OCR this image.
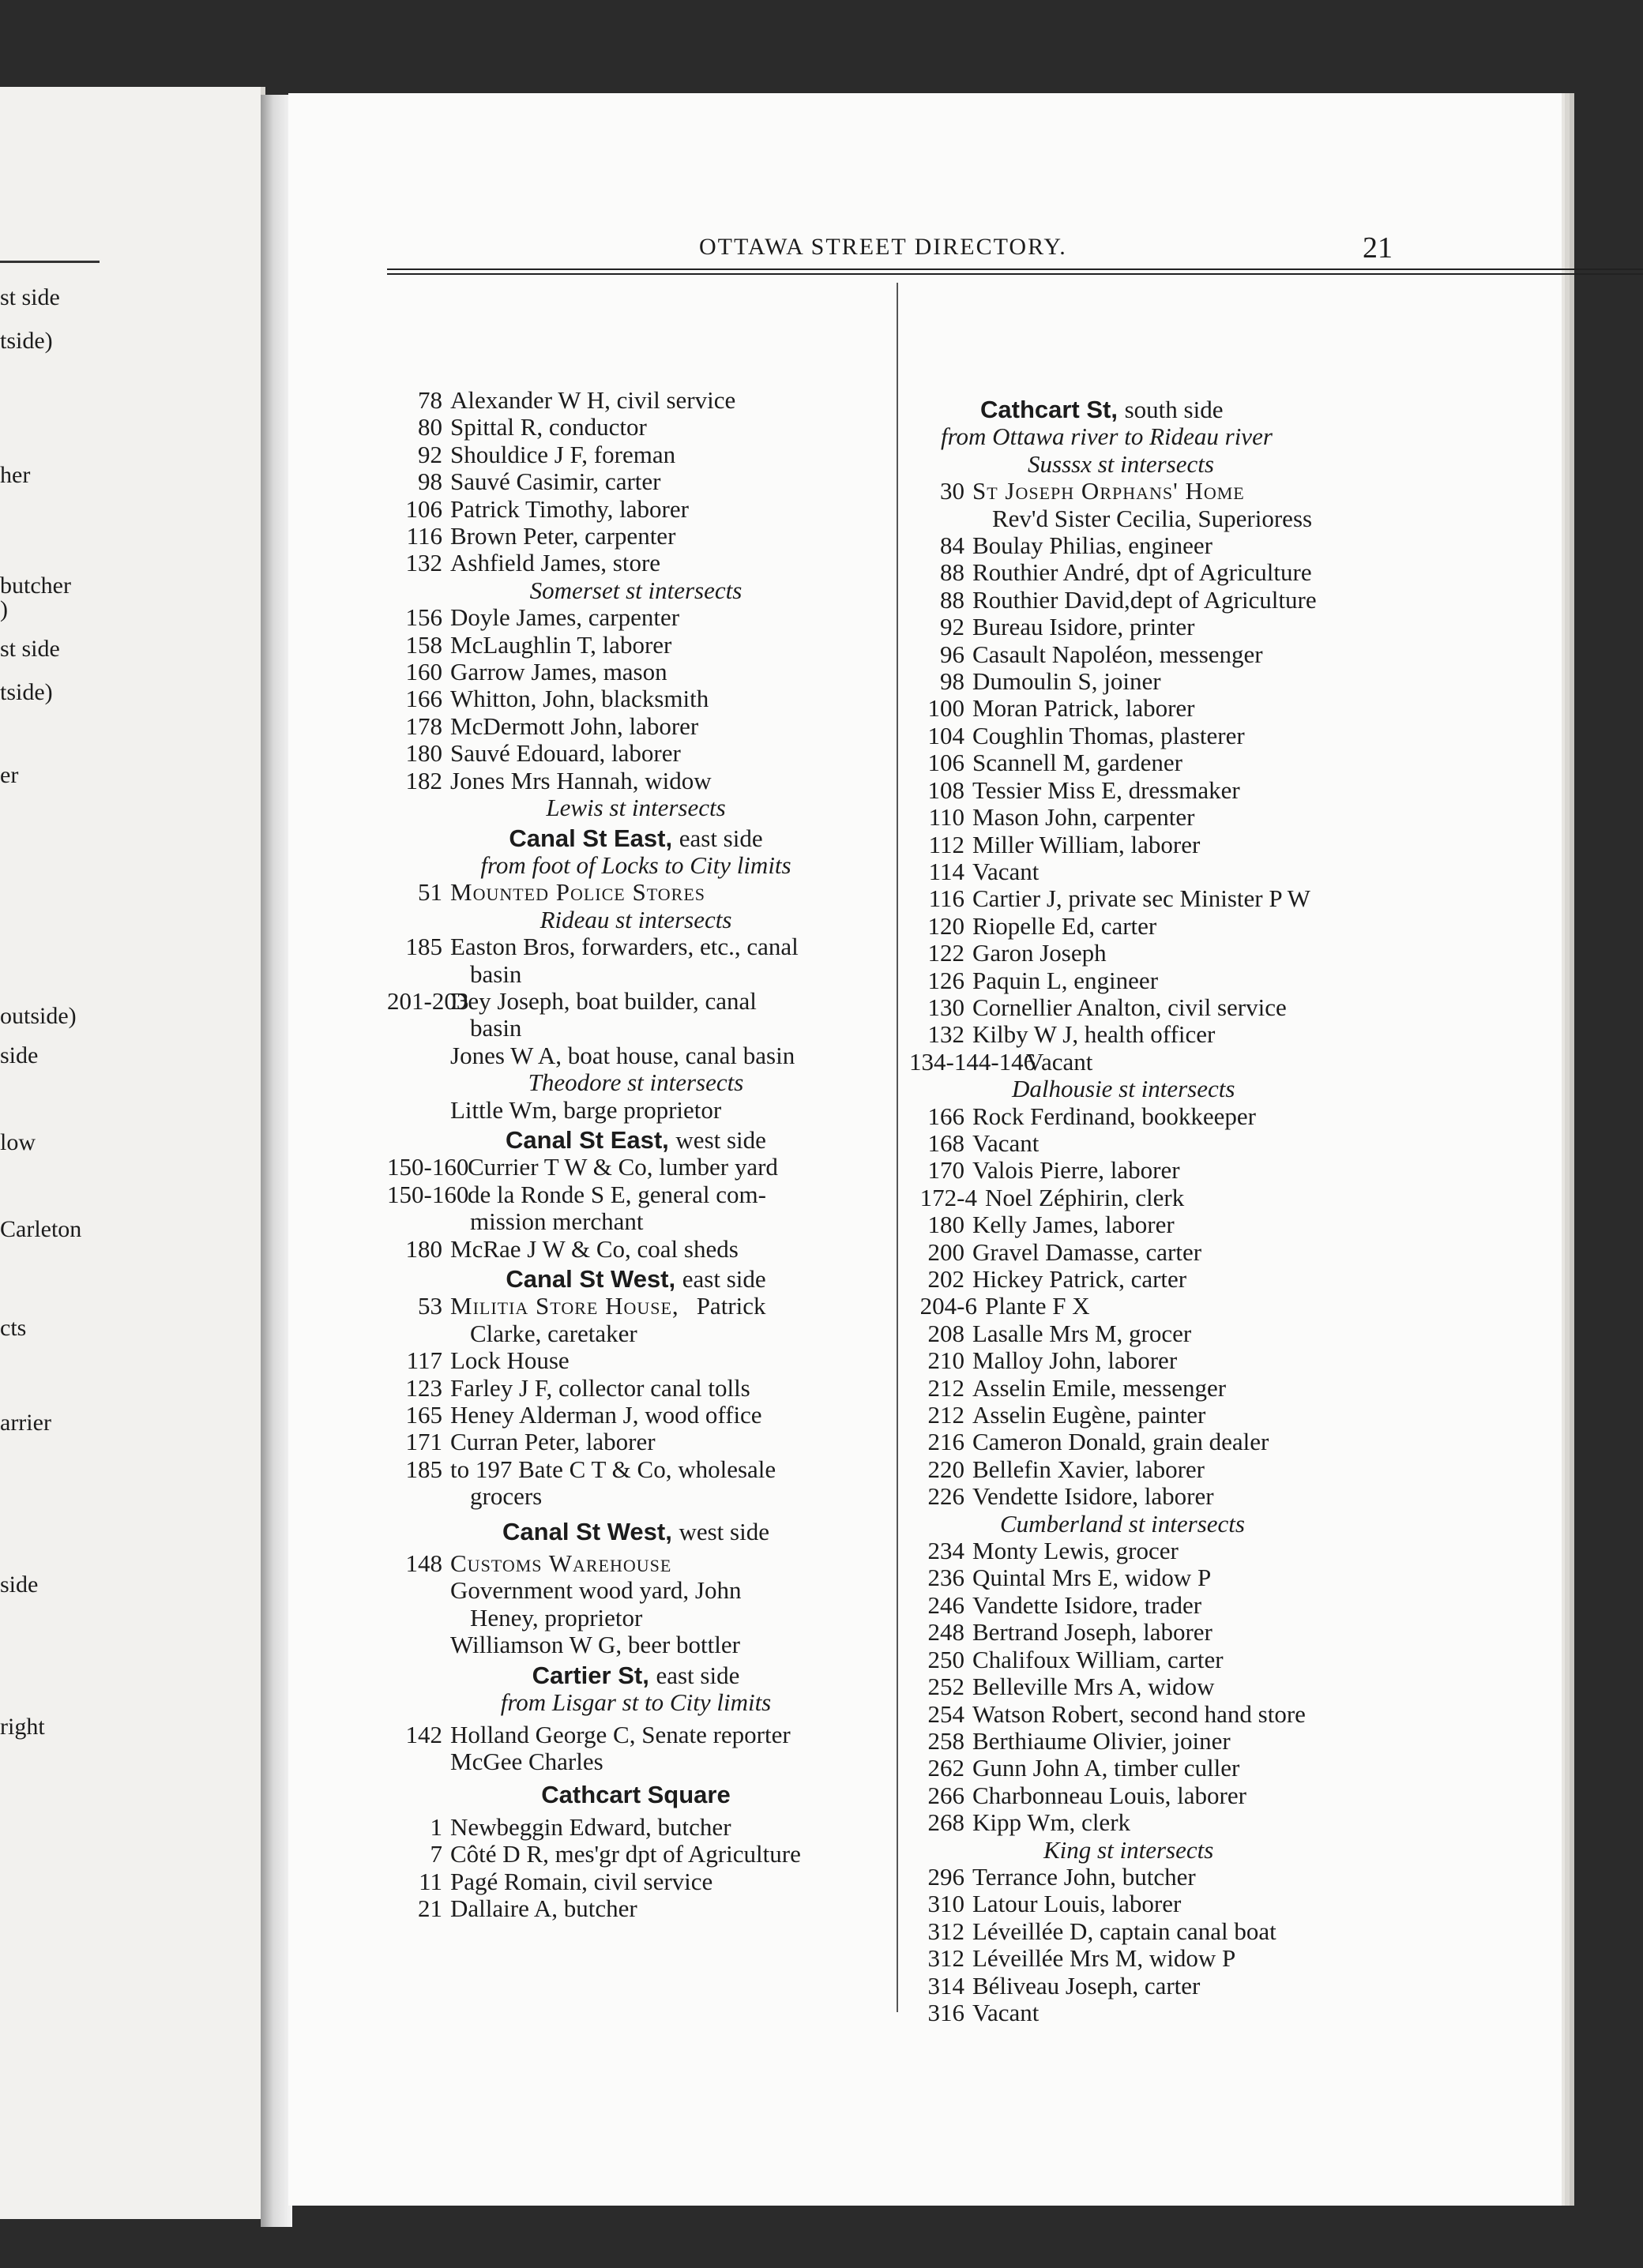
st side
tside)
her
butcher
)
st side
tside)
er
outside)
side
low
Carleton
cts
arrier
side
right
OTTAWA STREET DIRECTORY.	21
78 Alexander W H, civil service
80 Spittal R, conductor
92 Shouldice J F, foreman
98 Sauvé Casimir, carter
106 Patrick Timothy, laborer
116 Brown Peter, carpenter
132 Ashfield James, store
Somerset st intersects
156 Doyle James, carpenter
158 McLaughlin T, laborer
160 Garrow James, mason
166 Whitton, John, blacksmith
178 McDermott John, laborer
180 Sauvé Edouard, laborer
182 Jones Mrs Hannah, widow
Lewis st intersects
Canal St East, east side
from foot of Locks to City limits
51 Mounted Police Stores
Rideau st intersects
185 Easton Bros, forwarders, etc., canal
basin
201-203
Dey Joseph, boat builder, canal
basin
Jones W A, boat house, canal basin
Theodore st intersects
Little Wm, barge proprietor
Canal St East, west side
150-160
Currier T W & Co, lumber yard
150-160
de la Ronde S E, general com-
mission merchant
180 McRae J W & Co, coal sheds
Canal St West, east side
53 Militia Store House, Patrick
Clarke, caretaker
117 Lock House
123 Farley J F, collector canal tolls
165 Heney Alderman J, wood office
171 Curran Peter, laborer
185 to 197 Bate C T & Co, wholesale
grocers
Canal St West, west side
148 Customs Warehouse
Government wood yard, John
Heney, proprietor
Williamson W G, beer bottler
Cartier St, east side
from Lisgar st to City limits
142 Holland George C, Senate reporter
McGee Charles
Cathcart Square
1 Newbeggin Edward, butcher
7 Côté D R, mes'gr dpt of Agriculture
11 Pagé Romain, civil service
21 Dallaire A, butcher
Cathcart St, south side
from Ottawa river to Rideau river
Susssx st intersects
30 St Joseph Orphans' Home
Rev'd Sister Cecilia, Superioress
84 Boulay Philias, engineer
88 Routhier André, dpt of Agriculture
88 Routhier David,dept of Agriculture
92 Bureau Isidore, printer
96 Casault Napoléon, messenger
98 Dumoulin S, joiner
100 Moran Patrick, laborer
104 Coughlin Thomas, plasterer
106 Scannell M, gardener
108 Tessier Miss E, dressmaker
110 Mason John, carpenter
112 Miller William, laborer
114 Vacant
116 Cartier J, private sec Minister P W
120 Riopelle Ed, carter
122 Garon Joseph
126 Paquin L, engineer
130 Cornellier Analton, civil service
132 Kilby W J, health officer
134-144-146
Vacant
Dalhousie st intersects
166 Rock Ferdinand, bookkeeper
168 Vacant
170 Valois Pierre, laborer
172-4 Noel Zéphirin, clerk
180 Kelly James, laborer
200 Gravel Damasse, carter
202 Hickey Patrick, carter
204-6 Plante F X
208 Lasalle Mrs M, grocer
210 Malloy John, laborer
212 Asselin Emile, messenger
212 Asselin Eugène, painter
216 Cameron Donald, grain dealer
220 Bellefin Xavier, laborer
226 Vendette Isidore, laborer
Cumberland st intersects
234 Monty Lewis, grocer
236 Quintal Mrs E, widow P
246 Vandette Isidore, trader
248 Bertrand Joseph, laborer
250 Chalifoux William, carter
252 Belleville Mrs A, widow
254 Watson Robert, second hand store
258 Berthiaume Olivier, joiner
262 Gunn John A, timber culler
266 Charbonneau Louis, laborer
268 Kipp Wm, clerk
King st intersects
296 Terrance John, butcher
310 Latour Louis, laborer
312 Léveillée D, captain canal boat
312 Léveillée Mrs M, widow P
314 Béliveau Joseph, carter
316 Vacant
